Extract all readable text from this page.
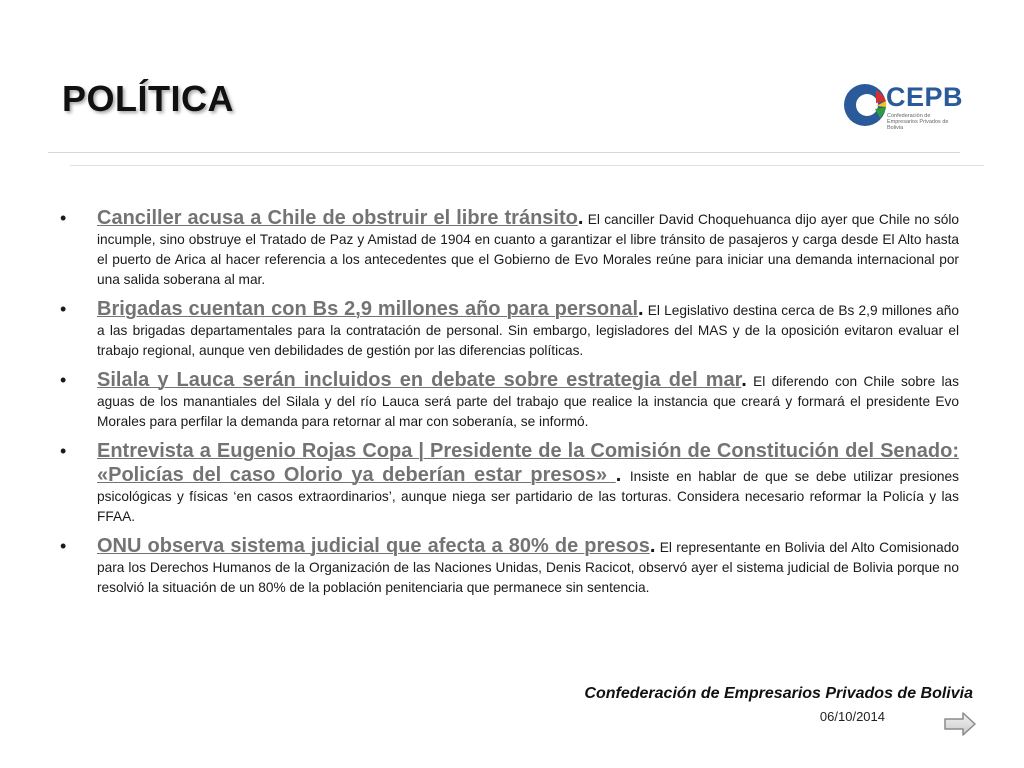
POLÍTICA	CEPB
Confederación de Empresarios Privados de Bolivia
• Canciller acusa a Chile de obstruir el libre tránsito. El canciller David Choquehuanca dijo ayer que Chile no sólo incumple, sino obstruye el Tratado de Paz y Amistad de 1904 en cuanto a garantizar el libre tránsito de pasajeros y carga desde El Alto hasta el puerto de Arica al hacer referencia a los antecedentes que el Gobierno de Evo Morales reúne para iniciar una demanda internacional por una salida soberana al mar.
• Brigadas cuentan con Bs 2,9 millones año para personal. El Legislativo destina cerca de Bs 2,9 millones año a las brigadas departamentales para la contratación de personal. Sin embargo, legisladores del MAS y de la oposición evitaron evaluar el trabajo regional, aunque ven debilidades de gestión por las diferencias políticas.
• Silala y Lauca serán incluidos en debate sobre estrategia del mar. El diferendo con Chile sobre las aguas de los manantiales del Silala y del río Lauca será parte del trabajo que realice la instancia que creará y formará el presidente Evo Morales para perfilar la demanda para retornar al mar con soberanía, se informó.
• Entrevista a Eugenio Rojas Copa | Presidente de la Comisión de Constitución del Senado: «Policías del caso Olorio ya deberían estar presos» . Insiste en hablar de que se debe utilizar presiones psicológicas y físicas ‘en casos extraordinarios’, aunque niega ser partidario de las torturas. Considera necesario reformar la Policía y las FFAA.
• ONU observa sistema judicial que afecta a 80% de presos. El representante en Bolivia del Alto Comisionado para los Derechos Humanos de la Organización de las Naciones Unidas, Denis Racicot, observó ayer el sistema judicial de Bolivia porque no resolvió la situación de un 80% de la población penitenciaria que permanece sin sentencia.
Confederación de Empresarios Privados de Bolivia
06/10/2014
